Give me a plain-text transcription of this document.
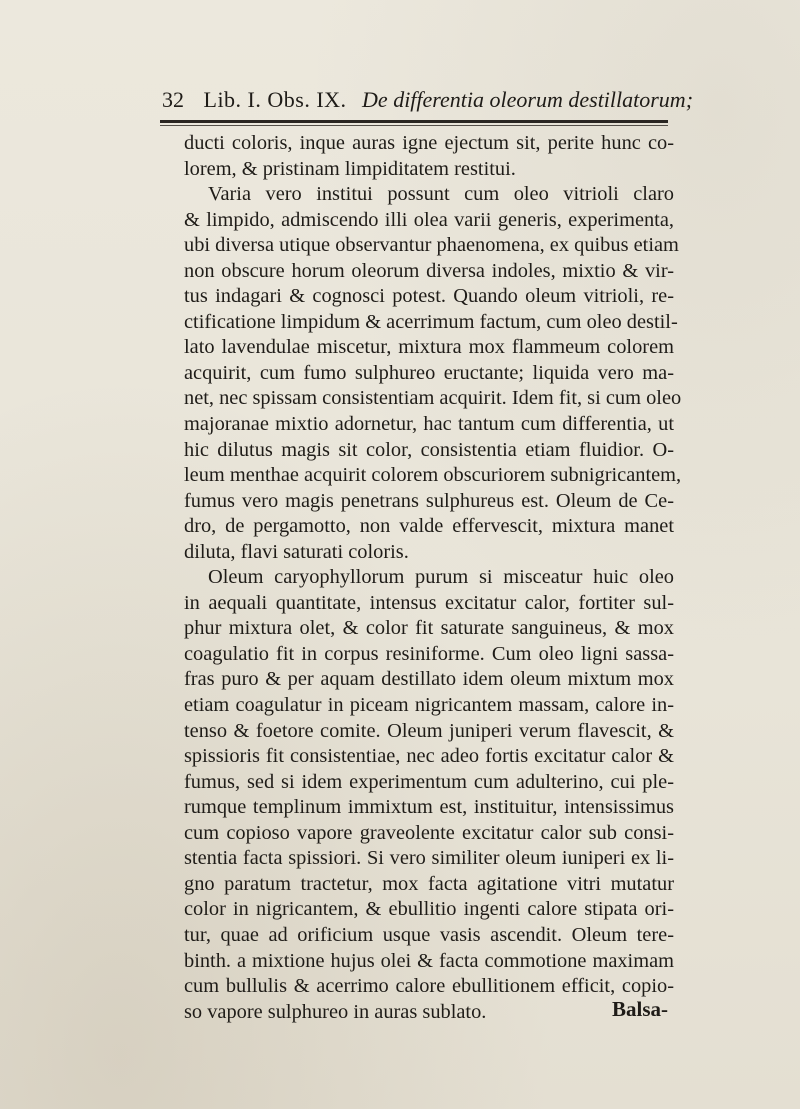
32 Lib. I. Obs. IX. De differentia oleorum destillatorum;
ducti coloris, inque auras igne ejectum sit, perite hunc co-
lorem, & pristinam limpiditatem restitui.
Varia vero institui possunt cum oleo vitrioli claro
& limpido, admiscendo illi olea varii generis, experimenta,
ubi diversa utique observantur phaenomena, ex quibus etiam
non obscure horum oleorum diversa indoles, mixtio & vir-
tus indagari & cognosci potest. Quando oleum vitrioli, re-
ctificatione limpidum & acerrimum factum, cum oleo destil-
lato lavendulae miscetur, mixtura mox flammeum colorem
acquirit, cum fumo sulphureo eructante; liquida vero ma-
net, nec spissam consistentiam acquirit. Idem fit, si cum oleo
majoranae mixtio adornetur, hac tantum cum differentia, ut
hic dilutus magis sit color, consistentia etiam fluidior. O-
leum menthae acquirit colorem obscuriorem subnigricantem,
fumus vero magis penetrans sulphureus est. Oleum de Ce-
dro, de pergamotto, non valde effervescit, mixtura manet
diluta, flavi saturati coloris.
Oleum caryophyllorum purum si misceatur huic oleo
in aequali quantitate, intensus excitatur calor, fortiter sul-
phur mixtura olet, & color fit saturate sanguineus, & mox
coagulatio fit in corpus resiniforme. Cum oleo ligni sassa-
fras puro & per aquam destillato idem oleum mixtum mox
etiam coagulatur in piceam nigricantem massam, calore in-
tenso & foetore comite. Oleum juniperi verum flavescit, &
spissioris fit consistentiae, nec adeo fortis excitatur calor &
fumus, sed si idem experimentum cum adulterino, cui ple-
rumque templinum immixtum est, instituitur, intensissimus
cum copioso vapore graveolente excitatur calor sub consi-
stentia facta spissiori. Si vero similiter oleum iuniperi ex li-
gno paratum tractetur, mox facta agitatione vitri mutatur
color in nigricantem, & ebullitio ingenti calore stipata ori-
tur, quae ad orificium usque vasis ascendit. Oleum tere-
binth. a mixtione hujus olei & facta commotione maximam
cum bullulis & acerrimo calore ebullitionem efficit, copio-
so vapore sulphureo in auras sublato.	Balsa-
